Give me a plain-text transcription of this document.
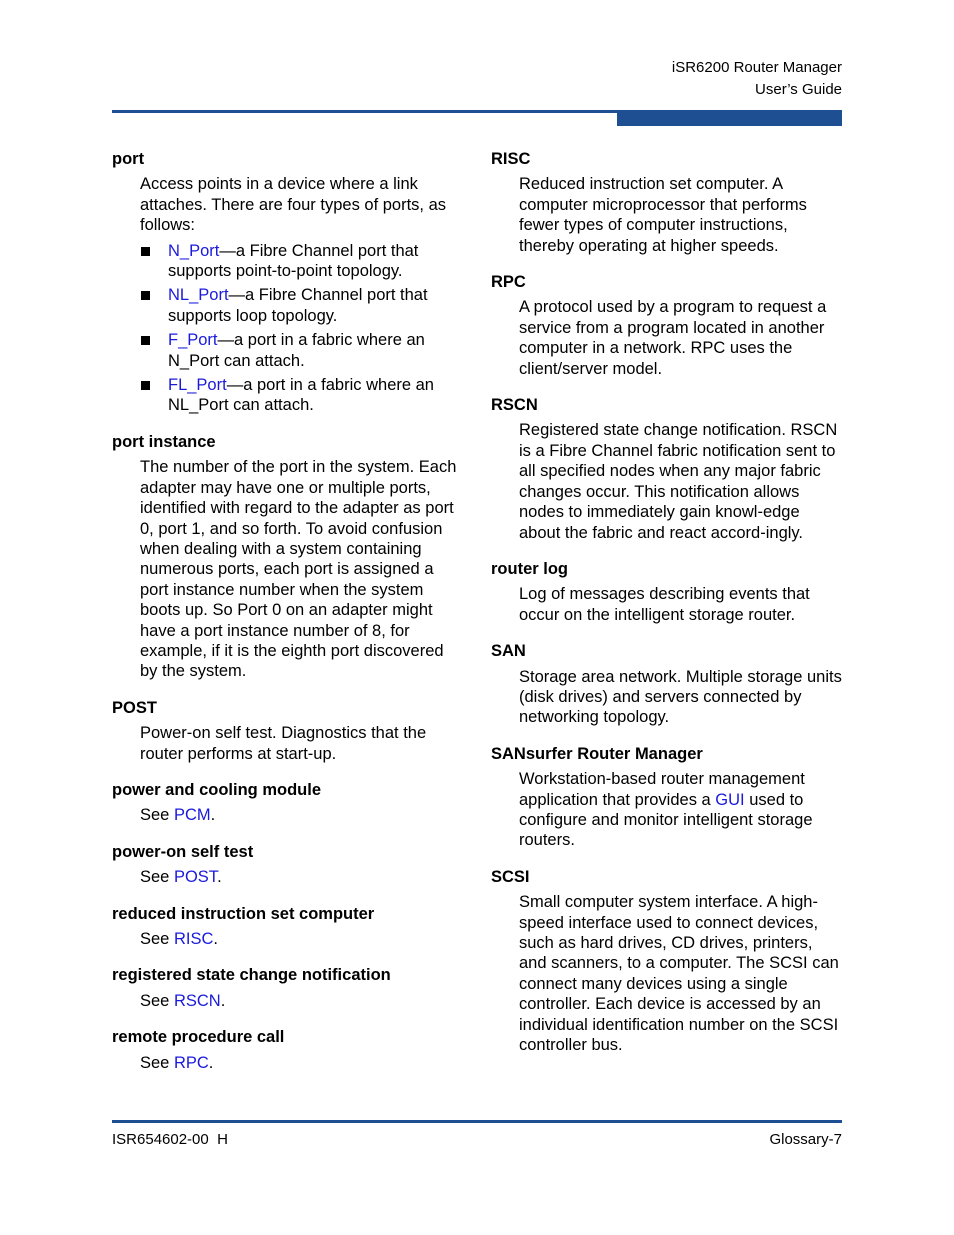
iSR6200 Router Manager
User’s Guide
port

Access points in a device where a link attaches. There are four types of ports, as follows:

N_Port—a Fibre Channel port that supports point-to-point topology.
NL_Port—a Fibre Channel port that supports loop topology.
F_Port—a port in a fabric where an N_Port can attach.
FL_Port—a port in a fabric where an NL_Port can attach.
port instance
The number of the port in the system. Each adapter may have one or multiple ports, identified with regard to the adapter as port 0, port 1, and so forth. To avoid confusion when dealing with a system containing numerous ports, each port is assigned a port instance number when the system boots up. So Port 0 on an adapter might have a port instance number of 8, for example, if it is the eighth port discovered by the system.
POST
Power-on self test. Diagnostics that the router performs at start-up.
power and cooling module
See PCM.
power-on self test
See POST.
reduced instruction set computer
See RISC.
registered state change notification
See RSCN.
remote procedure call
See RPC.
RISC
Reduced instruction set computer. A computer microprocessor that performs fewer types of computer instructions, thereby operating at higher speeds.
RPC
A protocol used by a program to request a service from a program located in another computer in a network. RPC uses the client/server model.
RSCN
Registered state change notification. RSCN is a Fibre Channel fabric notification sent to all specified nodes when any major fabric changes occur. This notification allows nodes to immediately gain knowl-edge about the fabric and react accord-ingly.
router log
Log of messages describing events that occur on the intelligent storage router.
SAN
Storage area network. Multiple storage units (disk drives) and servers connected by networking topology.
SANsurfer Router Manager
Workstation-based router management application that provides a GUI used to configure and monitor intelligent storage routers.
SCSI
Small computer system interface. A high-speed interface used to connect devices, such as hard drives, CD drives, printers, and scanners, to a computer. The SCSI can connect many devices using a single controller. Each device is accessed by an individual identification number on the SCSI controller bus.
ISR654602-00  H	Glossary-7
